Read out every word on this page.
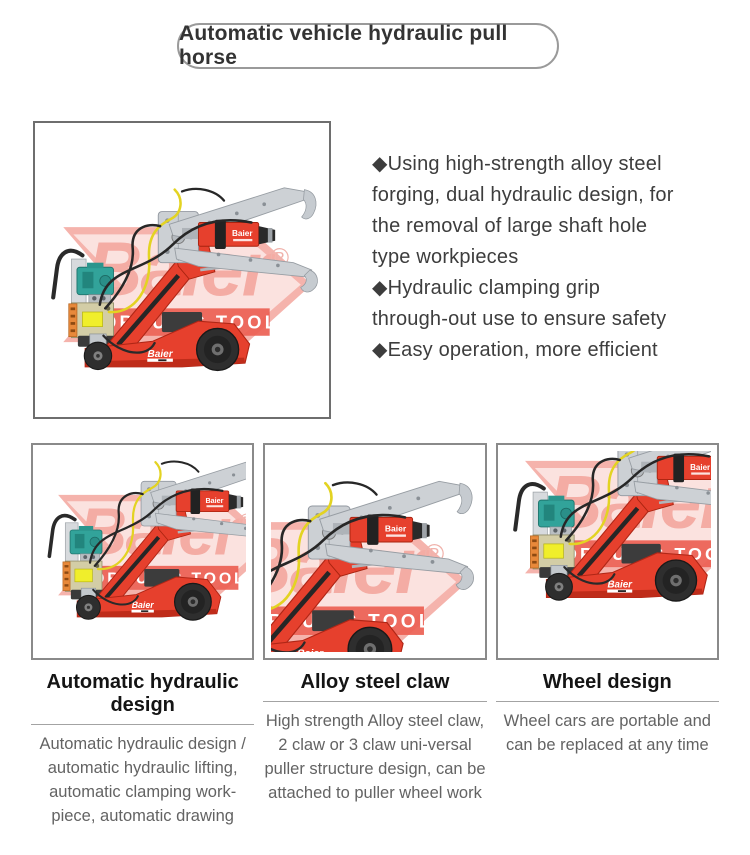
Automatic vehicle hydraulic pull horse

◆Using high-strength alloy steel forging, dual hydraulic design, for the removal of large shaft hole type workpieces

◆Hydraulic clamping grip through-out use to ensure safety

◆Easy operation, more efficient

Automatic hydraulic design

Automatic hydraulic design / automatic hydraulic lifting, automatic clamping work-piece, automatic drawing

Alloy steel claw

High strength Alloy steel claw, 2 claw or 3 claw uni-versal puller structure design, can be attached to puller wheel work

Wheel design

Wheel cars are portable and can be replaced at any time
